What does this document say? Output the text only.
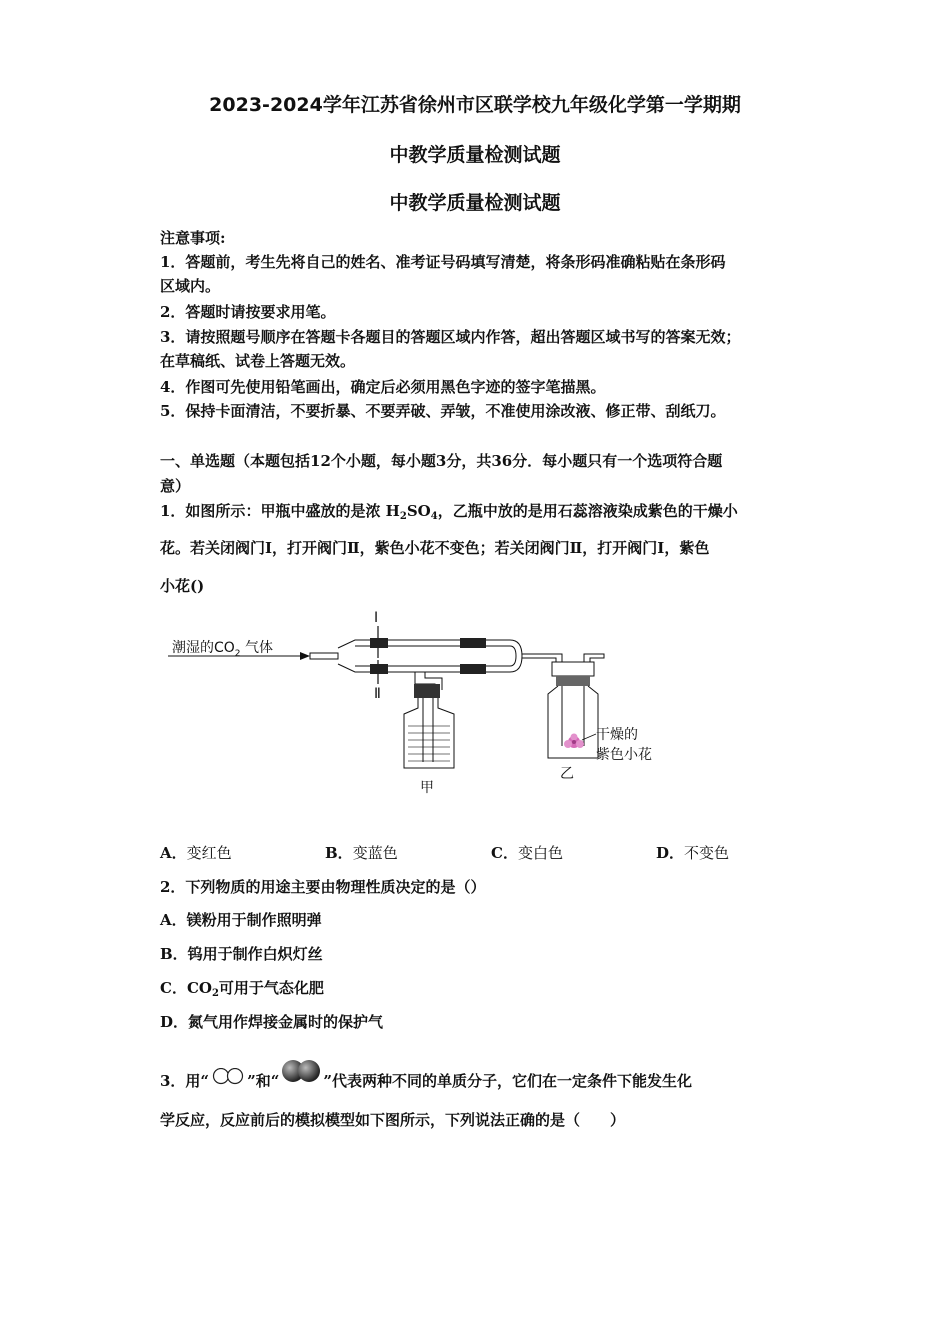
2023-2024学年江苏省徐州市区联学校九年级化学第一学期期
中教学质量检测试题
中教学质量检测试题
注意事项:
1．答题前，考生先将自己的姓名、准考证号码填写清楚，将条形码准确粘贴在条形码
区域内。
2．答题时请按要求用笔。
3．请按照题号顺序在答题卡各题目的答题区域内作答，超出答题区域书写的答案无效；
在草稿纸、试卷上答题无效。
4．作图可先使用铅笔画出，确定后必须用黑色字迹的签字笔描黑。
5．保持卡面清洁，不要折暴、不要弄破、弄皱，不准使用涂改液、修正带、刮纸刀。
一、单选题（本题包括12个小题，每小题3分，共36分．每小题只有一个选项符合题
意）
1．如图所示：甲瓶中盛放的是浓 $H_2SO_4$，乙瓶中放的是用石蕊溶液染成紫色的干燥小
花。若关闭阀门Ⅰ，打开阀门Ⅱ，紫色小花不变色；若关闭阀门Ⅱ，打开阀门Ⅰ，紫色
小花()
潮湿的$CO_2$ 气体
Ⅰ
Ⅱ
甲
乙
干燥的
紫色小花
A．变红色	B．变蓝色	C．变白色	D．不变色
2．下列物质的用途主要由物理性质决定的是（）
A．镁粉用于制作照明弹
B．钨用于制作白炽灯丝
C．$CO_2$可用于气态化肥
D．氮气用作焊接金属时的保护气
3．用“	”和“	”代表两种不同的单质分子，它们在一定条件下能发生化
学反应，反应前后的模拟模型如下图所示，下列说法正确的是（　　）
